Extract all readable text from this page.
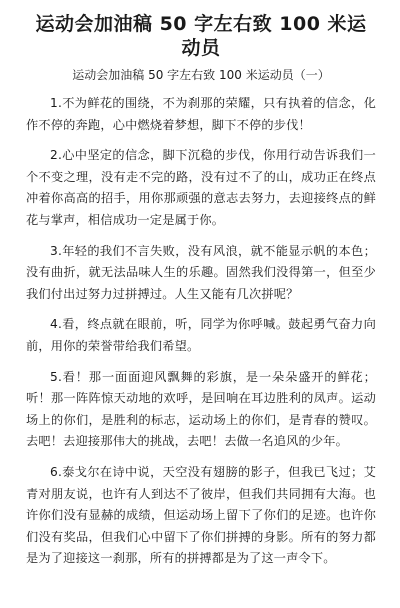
运动会加油稿 50 字左右致 100 米运动员
运动会加油稿 50 字左右致 100 米运动员（一）

1.不为鲜花的围绕，不为刹那的荣耀，只有执着的信念，化作不停的奔跑，心中燃烧着梦想，脚下不停的步伐！

2.心中坚定的信念，脚下沉稳的步伐，你用行动告诉我们一个不变之理，没有走不完的路，没有过不了的山，成功正在终点冲着你高高的招手，用你那顽强的意志去努力，去迎接终点的鲜花与掌声，相信成功一定是属于你。

3.年轻的我们不言失败，没有风浪，就不能显示帆的本色；没有曲折，就无法品味人生的乐趣。固然我们没得第一，但至少我们付出过努力过拼搏过。人生又能有几次拼呢？

4.看，终点就在眼前，听，同学为你呼喊。鼓起勇气奋力向前，用你的荣誉带给我们希望。

5.看！那一面面迎风飘舞的彩旗，是一朵朵盛开的鲜花；听！那一阵阵惊天动地的欢呼，是回响在耳边胜利的凤声。运动场上的你们，是胜利的标志，运动场上的你们，是青春的赞叹。去吧！去迎接那伟大的挑战，去吧！去做一名追风的少年。

6.泰戈尔在诗中说，天空没有翅膀的影子，但我已飞过；艾青对朋友说，也许有人到达不了彼岸，但我们共同拥有大海。也许你们没有显赫的成绩，但运动场上留下了你们的足迹。也许你们没有奖品，但我们心中留下了你们拼搏的身影。所有的努力都是为了迎接这一刹那，所有的拼搏都是为了这一声令下。
